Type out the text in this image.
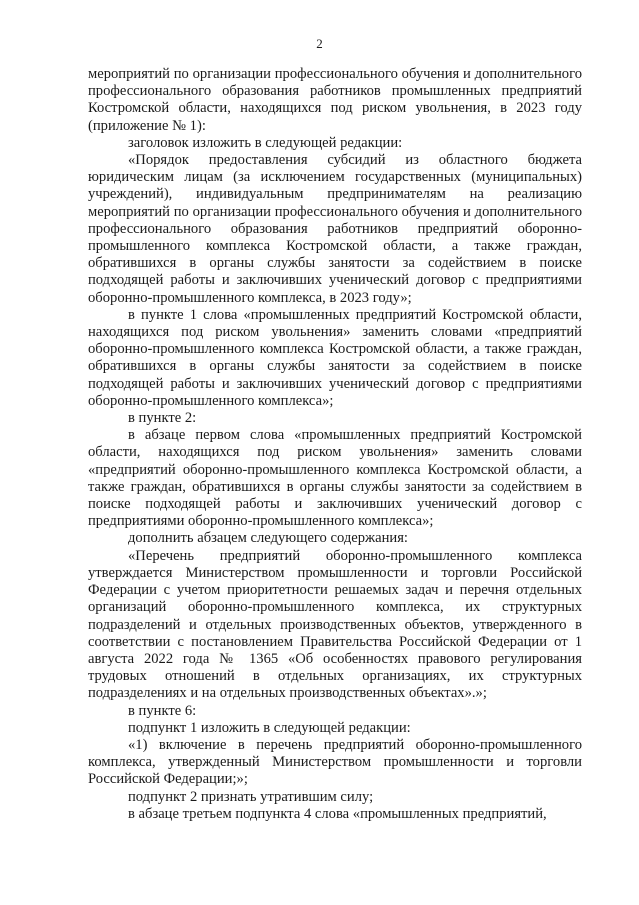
2

мероприятий по организации профессионального обучения и дополнительного профессионального образования работников промышленных предприятий Костромской области, находящихся под риском увольнения, в 2023 году (приложение № 1):

заголовок изложить в следующей редакции:

«Порядок предоставления субсидий из областного бюджета юридическим лицам (за исключением государственных (муниципальных) учреждений), индивидуальным предпринимателям на реализацию мероприятий по организации профессионального обучения и дополнительного профессионального образования работников предприятий оборонно-промышленного комплекса Костромской области, а также граждан, обратившихся в органы службы занятости за содействием в поиске подходящей работы и заключивших ученический договор с предприятиями оборонно-промышленного комплекса, в 2023 году»;

в пункте 1 слова «промышленных предприятий Костромской области, находящихся под риском увольнения» заменить словами «предприятий оборонно-промышленного комплекса Костромской области, а также граждан, обратившихся в органы службы занятости за содействием в поиске подходящей работы и заключивших ученический договор с предприятиями оборонно-промышленного комплекса»;

в пункте 2:

в абзаце первом слова «промышленных предприятий Костромской области, находящихся под риском увольнения» заменить словами «предприятий оборонно-промышленного комплекса Костромской области, а также граждан, обратившихся в органы службы занятости за содействием в поиске подходящей работы и заключивших ученический договор с предприятиями оборонно-промышленного комплекса»;

дополнить абзацем следующего содержания:

«Перечень предприятий оборонно-промышленного комплекса утверждается Министерством промышленности и торговли Российской Федерации с учетом приоритетности решаемых задач и перечня отдельных организаций оборонно-промышленного комплекса, их структурных подразделений и отдельных производственных объектов, утвержденного в соответствии с постановлением Правительства Российской Федерации от 1 августа 2022 года № 1365 «Об особенностях правового регулирования трудовых отношений в отдельных организациях, их структурных подразделениях и на отдельных производственных объектах».»;

в пункте 6:

подпункт 1 изложить в следующей редакции:

«1) включение в перечень предприятий оборонно-промышленного комплекса, утвержденный Министерством промышленности и торговли Российской Федерации;»;

подпункт 2 признать утратившим силу;

в абзаце третьем подпункта 4 слова «промышленных предприятий,
